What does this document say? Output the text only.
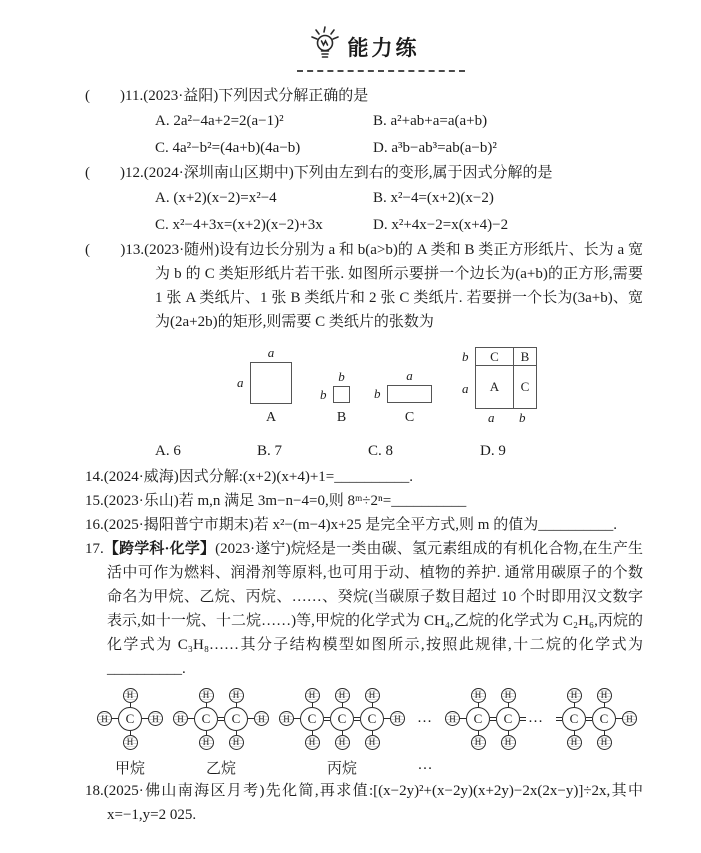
能力练

(        )11.(2023·益阳)下列因式分解正确的是

A. 2a²−4a+2=2(a−1)²	B. a²+ab+a=a(a+b)
C. 4a²−b²=(4a+b)(4a−b)	D. a³b−ab³=ab(a−b)²

(        )12.(2024·深圳南山区期中)下列由左到右的变形,属于因式分解的是

A. (x+2)(x−2)=x²−4	B. x²−4=(x+2)(x−2)
C. x²−4+3x=(x+2)(x−2)+3x	D. x²+4x−2=x(x+4)−2

(        )13.(2023·随州)设有边长分别为 a 和 b(a>b)的 A 类和 B 类正方形纸片、长为 a 宽为 b 的 C 类矩形纸片若干张. 如图所示要拼一个边长为(a+b)的正方形,需要 1 张 A 类纸片、1 张 B 类纸片和 2 张 C 类纸片. 若要拼一个长为(3a+b)、宽为(2a+2b)的矩形,则需要 C 类纸片的张数为

a
a
A
b
b
B
a
b
C
C	B
A	C
b
a
a b
A. 6	B. 7	C. 8	D. 9

14.(2024·威海)因式分解:(x+2)(x+4)+1=__________.

15.(2023·乐山)若 m,n 满足 3m−n−4=0,则 8ᵐ÷2ⁿ=__________

16.(2025·揭阳普宁市期末)若 x²−(m−4)x+25 是完全平方式,则 m 的值为__________.

17.【跨学科·化学】(2023·遂宁)烷烃是一类由碳、氢元素组成的有机化合物,在生产生活中可作为燃料、润滑剂等原料,也可用于动、植物的养护. 通常用碳原子的个数命名为甲烷、乙烷、丙烷、……、癸烷(当碳原子数目超过 10 个时即用汉文数字表示,如十一烷、十二烷……)等,甲烷的化学式为 CH₄,乙烷的化学式为 C₂H₆,丙烷的化学式为 C₃H₈……其分子结构模型如图所示,按照此规律,十二烷的化学式为__________.

H
H
C
H
H
甲烷
H
H
C
H
H
C
H
H
乙烷
H
H
C
H
H
C
H
H
C
H
H
丙烷
…
…
H
H
C
H
H
C
H
…
H
C
H
H
C
H
H

18.(2025·佛山南海区月考)先化简,再求值:[(x−2y)²+(x−2y)(x+2y)−2x(2x−y)]÷2x,其中 x=−1,y=2 025.
